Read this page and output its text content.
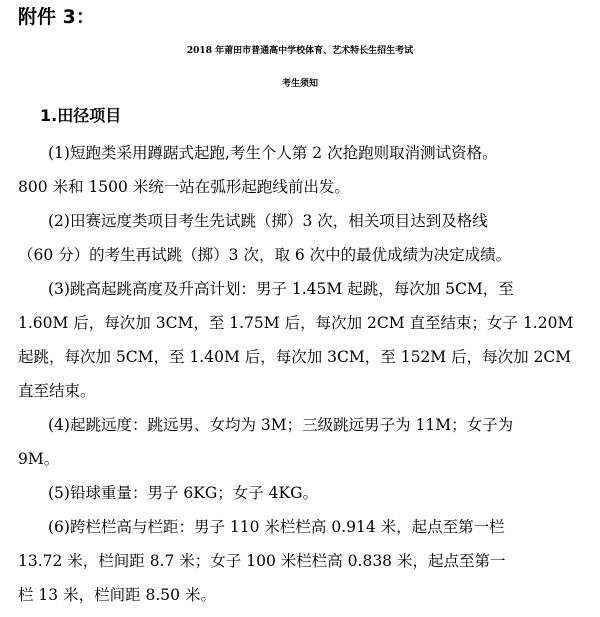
附件 3：
2018 年莆田市普通高中学校体育、艺术特长生招生考试
考生须知
1.田径项目
(1)短跑类采用蹲踞式起跑,考生个人第 2 次抢跑则取消测试资格。
800 米和 1500 米统一站在弧形起跑线前出发。
(2)田赛远度类项目考生先试跳（掷）3 次，相关项目达到及格线
（60 分）的考生再试跳（掷）3 次，取 6 次中的最优成绩为决定成绩。
(3)跳高起跳高度及升高计划：男子 1.45M 起跳，每次加 5CM，至
1.60M 后，每次加 3CM，至 1.75M 后，每次加 2CM 直至结束；女子 1.20M
起跳，每次加 5CM，至 1.40M 后，每次加 3CM，至 152M 后，每次加 2CM
直至结束。
(4)起跳远度：跳远男、女均为 3M；三级跳远男子为 11M；女子为
9M。
(5)铅球重量：男子 6KG；女子 4KG。
(6)跨栏栏高与栏距：男子 110 米栏栏高 0.914 米，起点至第一栏
13.72 米，栏间距 8.7 米；女子 100 米栏栏高 0.838 米，起点至第一
栏 13 米，栏间距 8.50 米。
